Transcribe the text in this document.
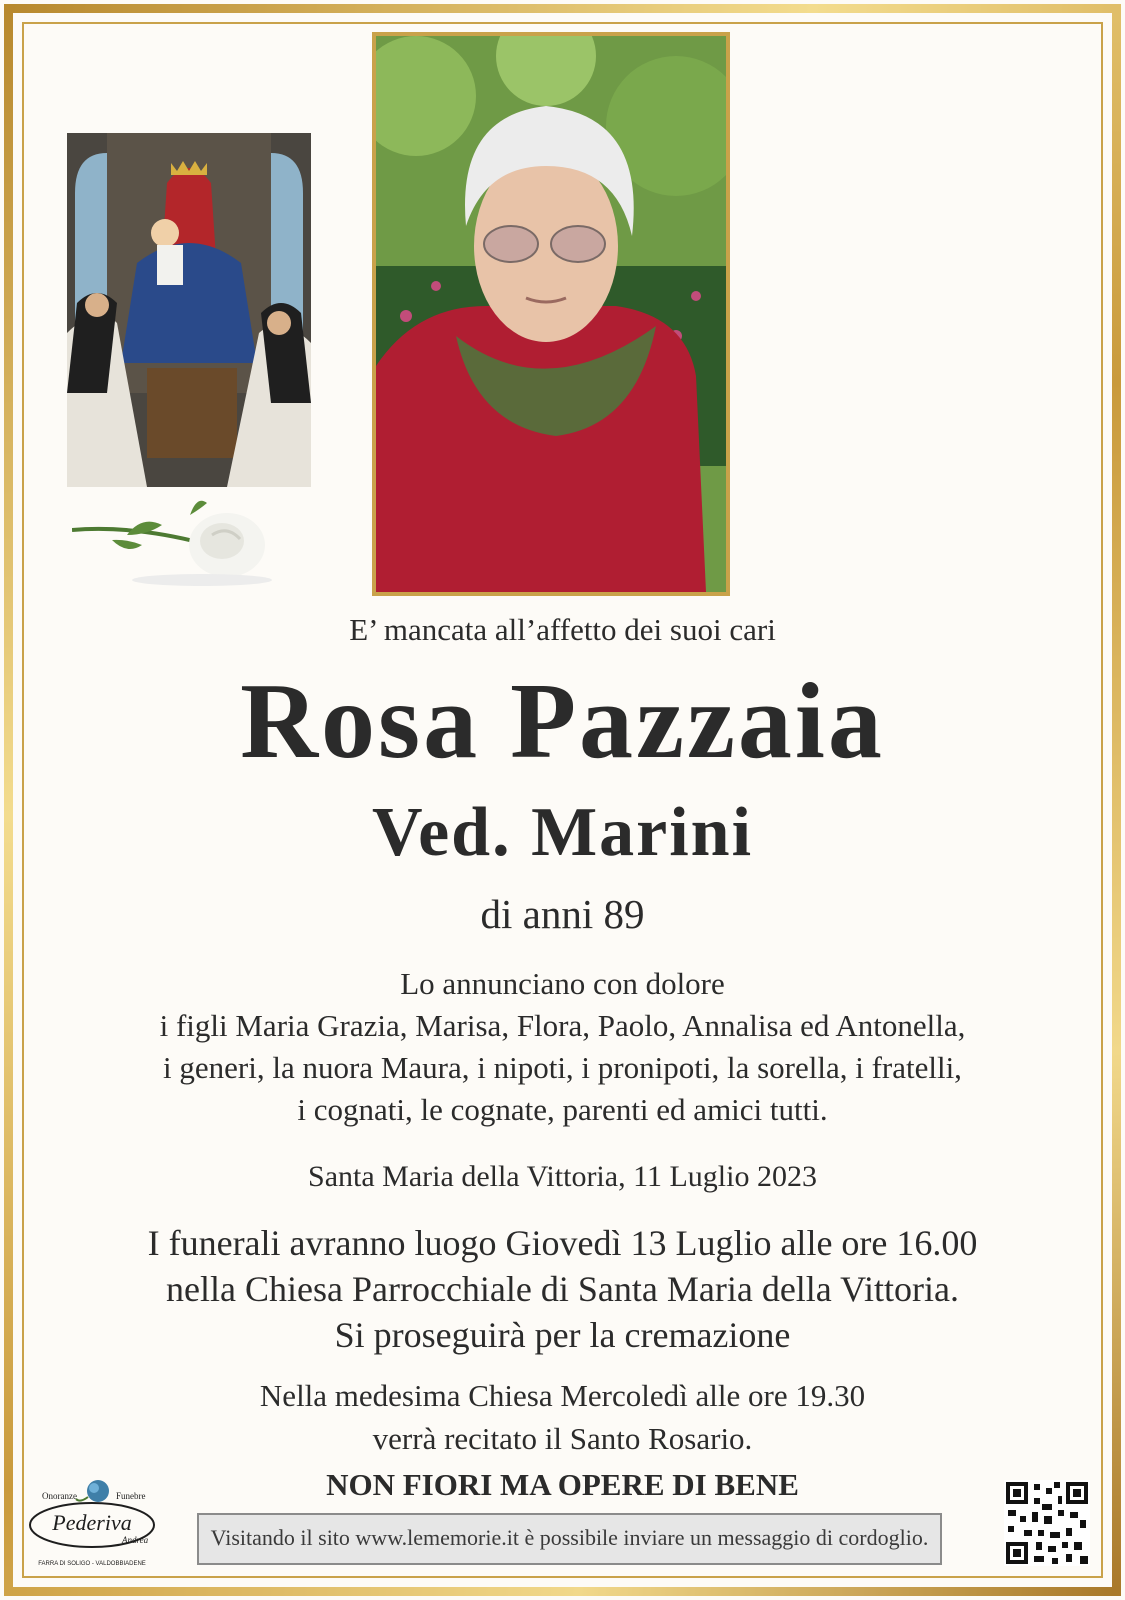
E’ mancata all’affetto dei suoi cari
Rosa Pazzaia
Ved. Marini
di anni 89
Lo annunciano con dolore
i figli Maria Grazia, Marisa, Flora, Paolo, Annalisa ed Antonella,
i generi, la nuora Maura, i nipoti, i pronipoti, la sorella, i fratelli,
i cognati, le cognate, parenti ed amici tutti.
Santa Maria della Vittoria, 11 Luglio 2023
I funerali avranno luogo Giovedì 13 Luglio alle ore 16.00
nella Chiesa Parrocchiale di Santa Maria della Vittoria.
Si proseguirà per la cremazione
Nella medesima Chiesa Mercoledì alle ore 19.30
verrà recitato il Santo Rosario.
NON FIORI MA OPERE DI BENE
Visitando il sito www.lememorie.it è possibile inviare un messaggio di cordoglio.
Onoranze	Funebre
Pederiva
Andrea
FARRA DI SOLIGO - VALDOBBIADENE
